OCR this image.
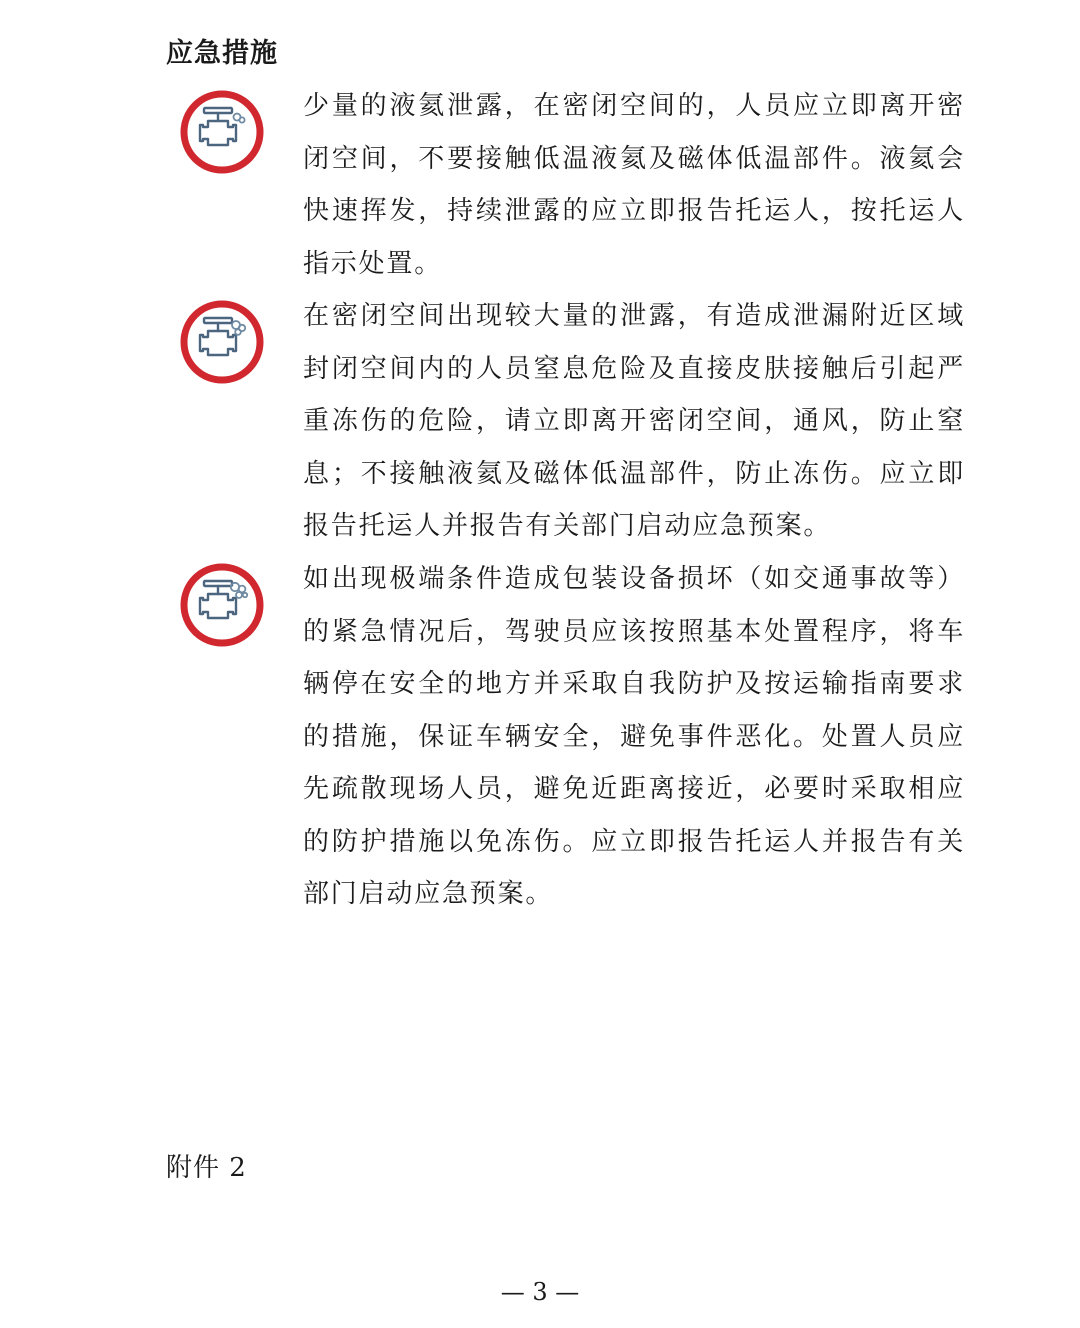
应急措施

少量的液氦泄露，在密闭空间的，人员应立即离开密闭空间，不要接触低温液氦及磁体低温部件。液氦会快速挥发，持续泄露的应立即报告托运人，按托运人指示处置。

在密闭空间出现较大量的泄露，有造成泄漏附近区域封闭空间内的人员窒息危险及直接皮肤接触后引起严重冻伤的危险，请立即离开密闭空间，通风，防止窒息；不接触液氦及磁体低温部件，防止冻伤。应立即报告托运人并报告有关部门启动应急预案。

如出现极端条件造成包装设备损坏（如交通事故等）的紧急情况后，驾驶员应该按照基本处置程序，将车辆停在安全的地方并采取自我防护及按运输指南要求的措施，保证车辆安全，避免事件恶化。处置人员应先疏散现场人员，避免近距离接近，必要时采取相应的防护措施以免冻伤。应立即报告托运人并报告有关部门启动应急预案。

附件 2
— 3 —
